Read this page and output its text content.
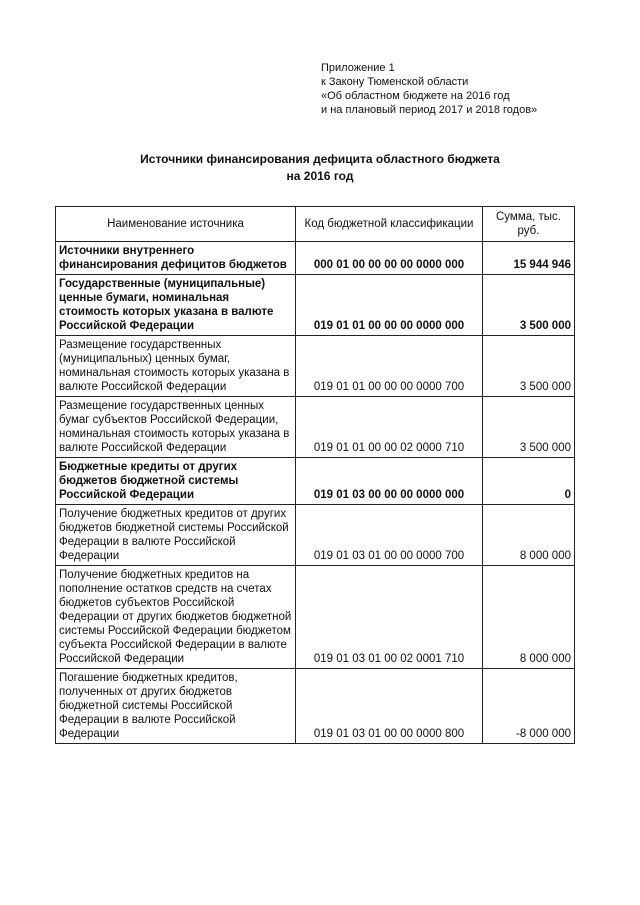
Приложение 1
к Закону Тюменской области
«Об областном бюджете на 2016 год
и на плановый период 2017 и 2018 годов»
Источники финансирования дефицита областного бюджета
на 2016 год
Наименование источника	Код бюджетной классификации	Сумма, тыс. руб.
Источники внутреннего финансирования дефицитов бюджетов	000 01 00 00 00 00 0000 000	15 944 946
Государственные (муниципальные) ценные бумаги, номинальная стоимость которых указана в валюте Российской Федерации	019 01 01 00 00 00 0000 000	3 500 000
Размещение государственных (муниципальных) ценных бумаг, номинальная стоимость которых указана в валюте Российской Федерации	019 01 01 00 00 00 0000 700	3 500 000
Размещение государственных ценных бумаг субъектов Российской Федерации, номинальная стоимость которых указана в валюте Российской Федерации	019 01 01 00 00 02 0000 710	3 500 000
Бюджетные кредиты от других бюджетов бюджетной системы Российской Федерации	019 01 03 00 00 00 0000 000	0
Получение бюджетных кредитов от других бюджетов бюджетной системы Российской Федерации в валюте Российской Федерации	019 01 03 01 00 00 0000 700	8 000 000
Получение бюджетных кредитов на пополнение остатков средств на счетах бюджетов субъектов Российской Федерации от других бюджетов бюджетной системы Российской Федерации бюджетом субъекта Российской Федерации в валюте Российской Федерации	019 01 03 01 00 02 0001 710	8 000 000
Погашение бюджетных кредитов, полученных от других бюджетов бюджетной системы Российской Федерации в валюте Российской Федерации	019 01 03 01 00 00 0000 800	-8 000 000
